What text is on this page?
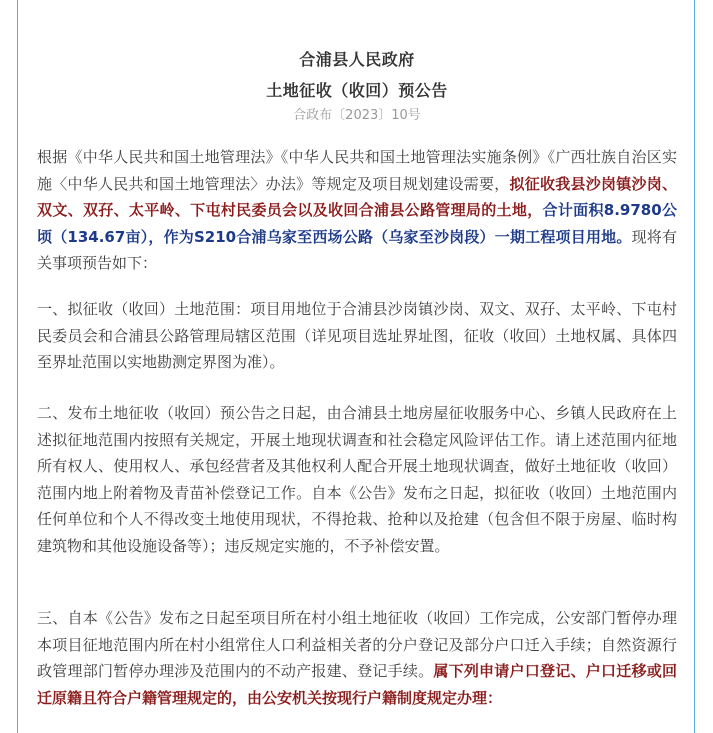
合浦县人民政府
土地征收（收回）预公告
合政布〔2023〕10号

根据《中华人民共和国土地管理法》《中华人民共和国土地管理法实施条例》《广西壮族自治区实施〈中华人民共和国土地管理法〉办法》等规定及项目规划建设需要，拟征收我县沙岗镇沙岗、双文、双孖、太平岭、下屯村民委员会以及收回合浦县公路管理局的土地，合计面积8.9780公顷（134.67亩），作为S210合浦乌家至西场公路（乌家至沙岗段）一期工程项目用地。现将有关事项预告如下：

一、拟征收（收回）土地范围：项目用地位于合浦县沙岗镇沙岗、双文、双孖、太平岭、下屯村民委员会和合浦县公路管理局辖区范围（详见项目选址界址图，征收（收回）土地权属、具体四至界址范围以实地勘测定界图为准）。

二、发布土地征收（收回）预公告之日起，由合浦县土地房屋征收服务中心、乡镇人民政府在上述拟征地范围内按照有关规定，开展土地现状调查和社会稳定风险评估工作。请上述范围内征地所有权人、使用权人、承包经营者及其他权利人配合开展土地现状调查，做好土地征收（收回）范围内地上附着物及青苗补偿登记工作。自本《公告》发布之日起，拟征收（收回）土地范围内任何单位和个人不得改变土地使用现状，不得抢栽、抢种以及抢建（包含但不限于房屋、临时构建筑物和其他设施设备等）；违反规定实施的，不予补偿安置。

三、自本《公告》发布之日起至项目所在村小组土地征收（收回）工作完成，公安部门暂停办理本项目征地范围内所在村小组常住人口利益相关者的分户登记及部分户口迁入手续；自然资源行政管理部门暂停办理涉及范围内的不动产报建、登记手续。属下列申请户口登记、户口迁移或回迁原籍且符合户籍管理规定的，由公安机关按现行户籍制度规定办理：
